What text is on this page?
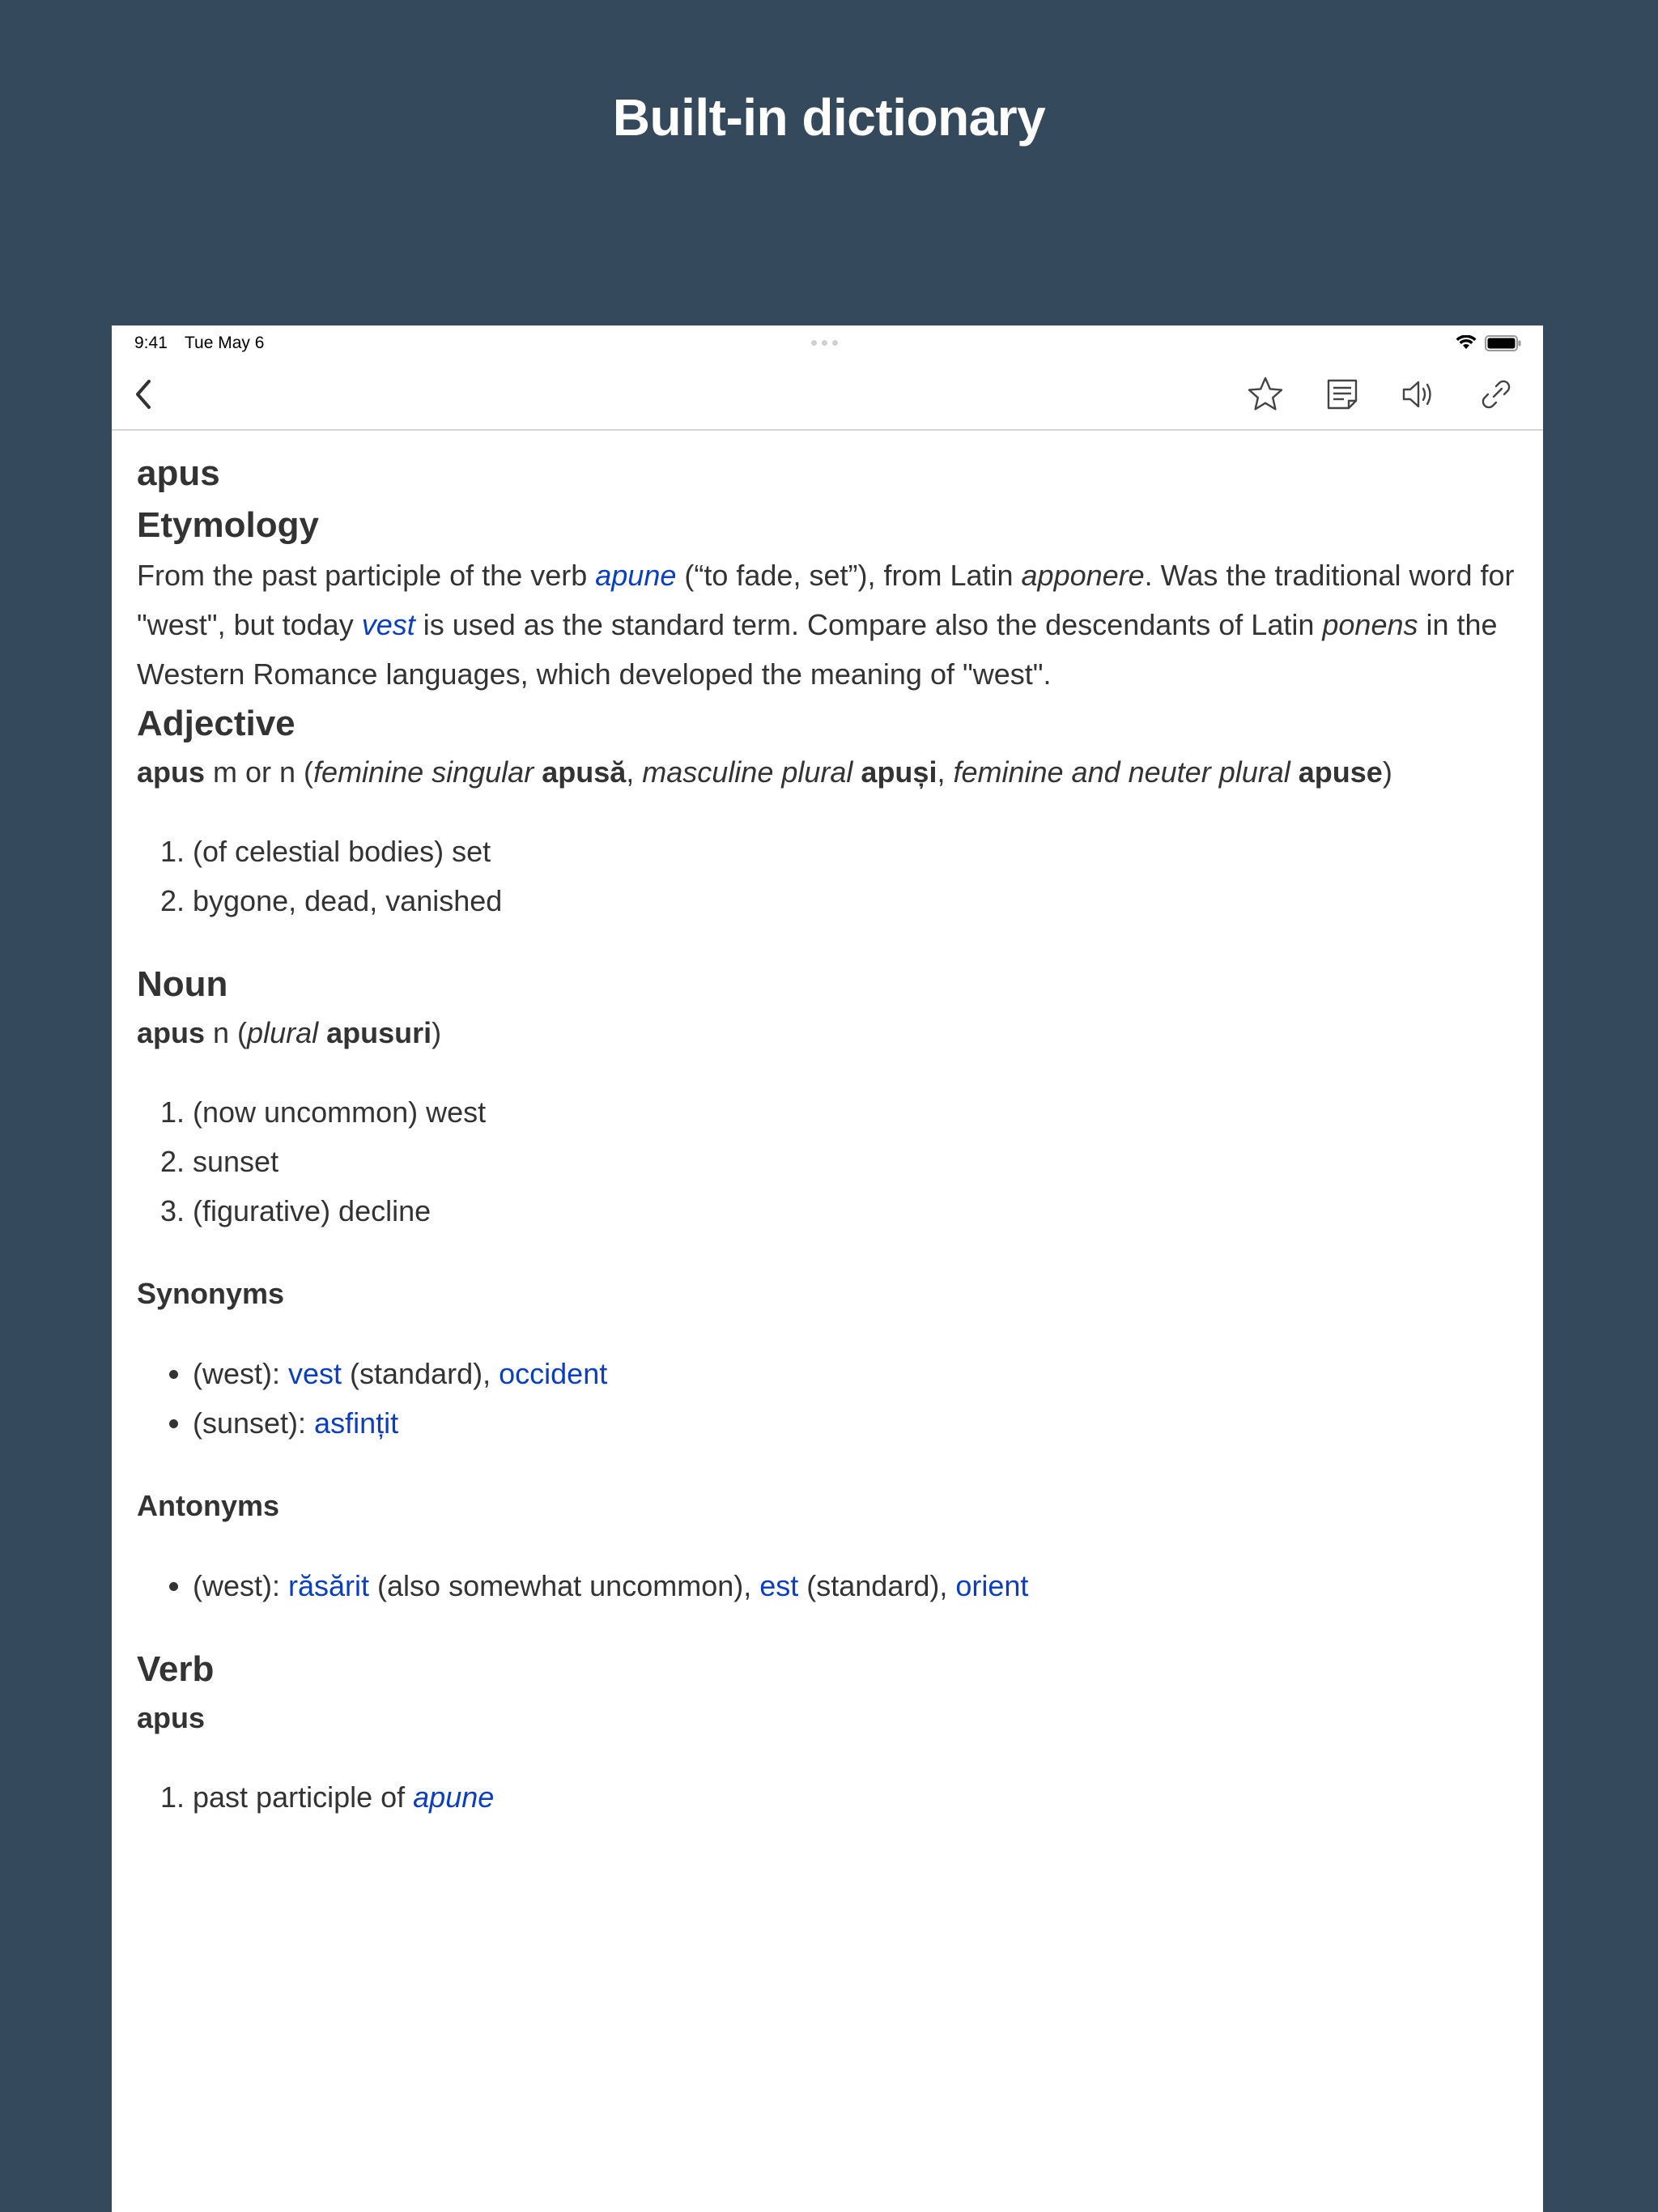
Built-in dictionary
9:41 Tue May 6
apus
Etymology

From the past participle of the verb apune (“to fade, set”), from Latin apponere. Was the traditional word for "west", but today vest is used as the standard term. Compare also the descendants of Latin ponens in the Western Romance languages, which developed the meaning of "west".

Adjective

apus m or n (feminine singular apusă, masculine plural apuși, feminine and neuter plural apuse)

1. (of celestial bodies) set
2. bygone, dead, vanished
Noun

apus n (plural apusuri)

1. (now uncommon) west
2. sunset
3. (figurative) decline
Synonyms
• (west): vest (standard), occident
• (sunset): asfințit
Antonyms
• (west): răsărit (also somewhat uncommon), est (standard), orient
Verb

apus

1. past participle of apune
